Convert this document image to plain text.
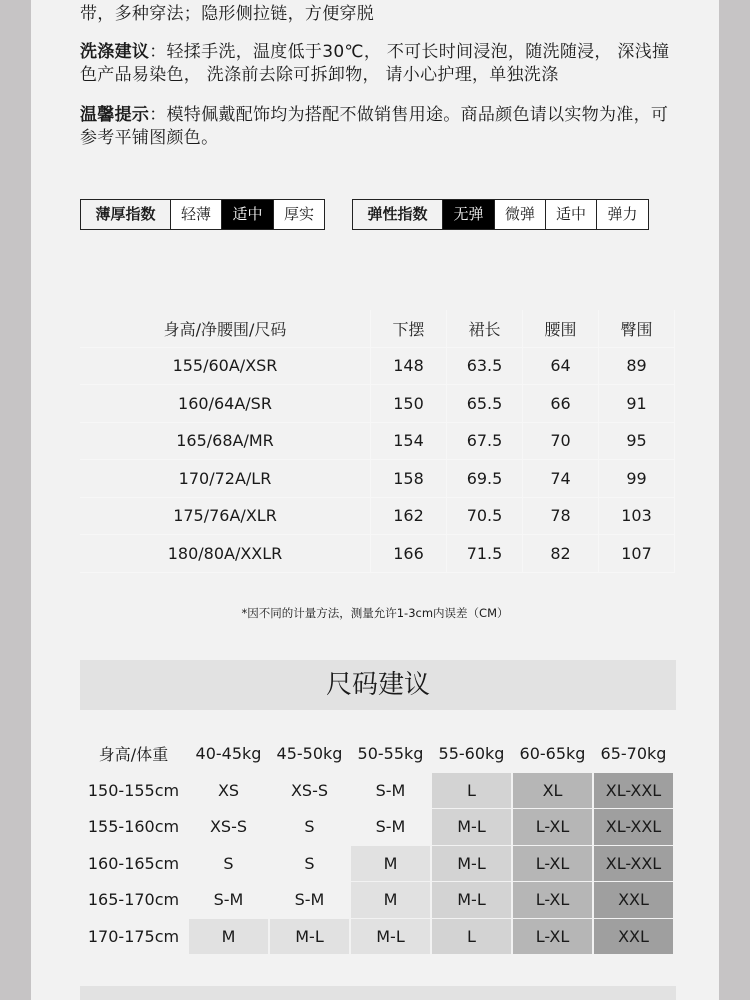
带，多种穿法；隐形侧拉链，方便穿脱
洗涤建议：轻揉手洗，温度低于30℃， 不可长时间浸泡，随洗随浸， 深浅撞色产品易染色， 洗涤前去除可拆卸物， 请小心护理，单独洗涤
温馨提示：模特佩戴配饰均为搭配不做销售用途。商品颜色请以实物为准，可参考平铺图颜色。
薄厚指数	轻薄	适中	厚实	弹性指数	无弹	微弹	适中	弹力
身高/净腰围/尺码	下摆	裙长	腰围	臀围
155/60A/XSR	148	63.5	64	89
160/64A/SR	150	65.5	66	91
165/68A/MR	154	67.5	70	95
170/72A/LR	158	69.5	74	99
175/76A/XLR	162	70.5	78	103
180/80A/XXLR	166	71.5	82	107
*因不同的计量方法，测量允许1-3cm内误差（CM）
尺码建议
身高/体重	40-45kg	45-50kg	50-55kg	55-60kg	60-65kg	65-70kg
150-155cm	XS	XS-S	S-M	L	XL	XL-XXL
155-160cm	XS-S	S	S-M	M-L	L-XL	XL-XXL
160-165cm	S	S	M	M-L	L-XL	XL-XXL
165-170cm	S-M	S-M	M	M-L	L-XL	XXL
170-175cm	M	M-L	M-L	L	L-XL	XXL
